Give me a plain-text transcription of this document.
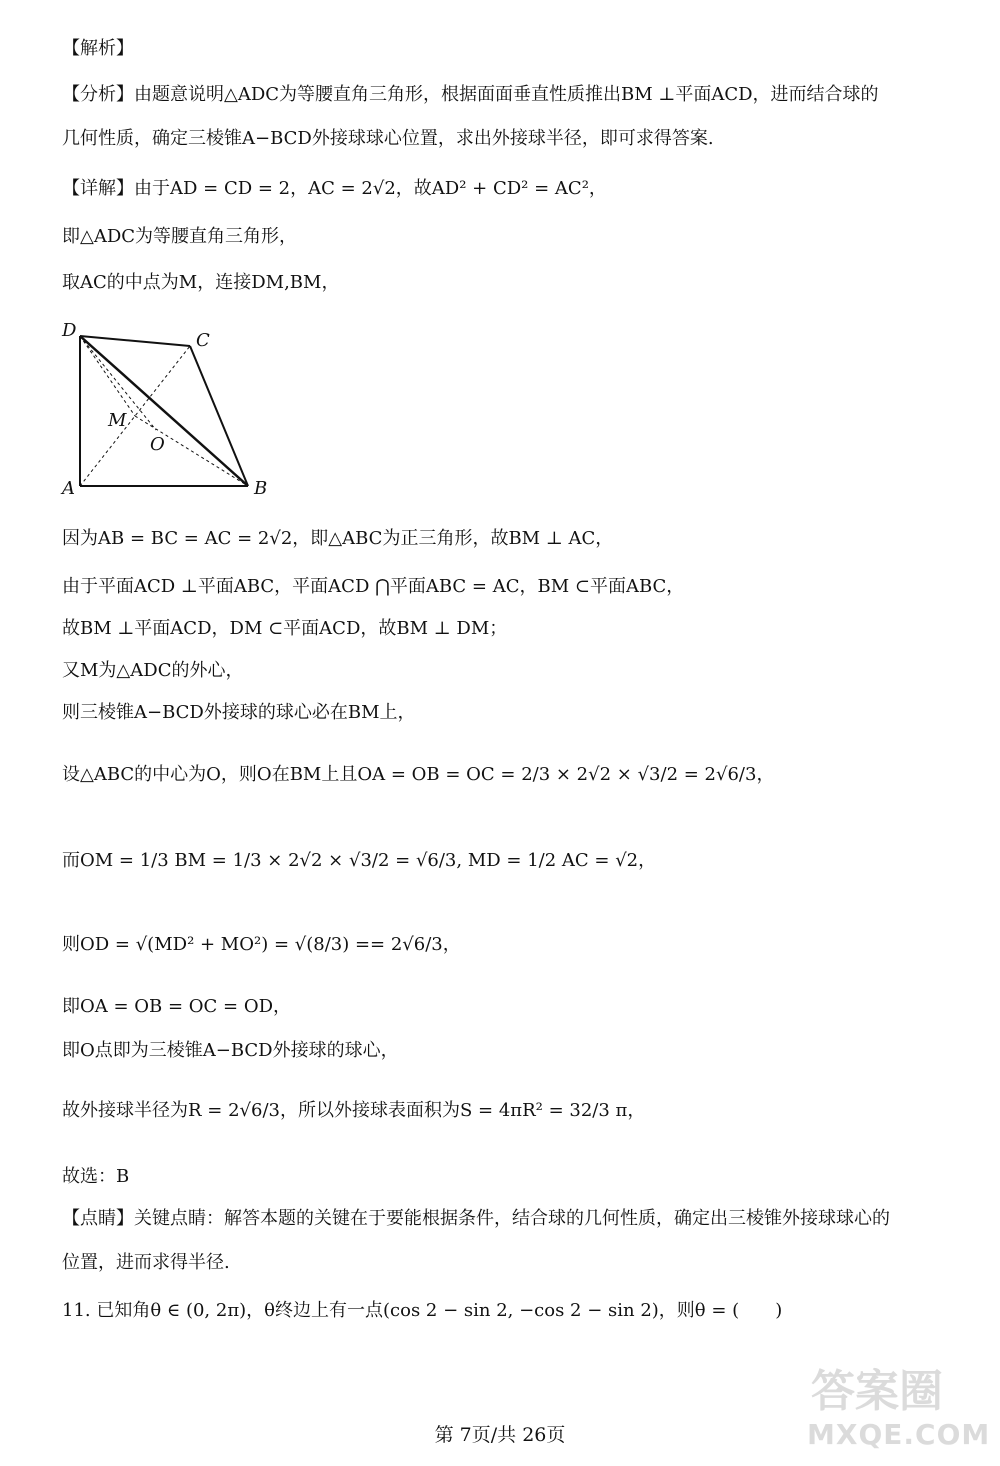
【解析】
【分析】由题意说明△ADC为等腰直角三角形，根据面面垂直性质推出BM ⊥平面ACD，进而结合球的
几何性质，确定三棱锥A−BCD外接球球心位置，求出外接球半径，即可求得答案.
【详解】由于AD = CD = 2，AC = 2√2，故AD² + CD² = AC²，
即△ADC为等腰直角三角形，
取AC的中点为M，连接DM,BM，
D	C
M
O
A	B
因为AB = BC = AC = 2√2，即△ABC为正三角形，故BM ⊥ AC，
由于平面ACD ⊥平面ABC，平面ACD ⋂平面ABC = AC，BM ⊂平面ABC，
故BM ⊥平面ACD，DM ⊂平面ACD，故BM ⊥ DM；
又M为△ADC的外心，
则三棱锥A−BCD外接球的球心必在BM上，
设△ABC的中心为O，则O在BM上且OA = OB = OC = 2/3 × 2√2 × √3/2 = 2√6/3，
而OM = 1/3 BM = 1/3 × 2√2 × √3/2 = √6/3, MD = 1/2 AC = √2，
则OD = √(MD² + MO²) = √(8/3) == 2√6/3，
即OA = OB = OC = OD，
即O点即为三棱锥A−BCD外接球的球心，
故外接球半径为R = 2√6/3，所以外接球表面积为S = 4πR² = 32/3 π，
故选：B
【点睛】关键点睛：解答本题的关键在于要能根据条件，结合球的几何性质，确定出三棱锥外接球球心的
位置，进而求得半径.
11. 已知角θ ∈ (0, 2π)，θ终边上有一点(cos 2 − sin 2, −cos 2 − sin 2)，则θ = (　　)
答案圈
MXQE.COM
第 7页/共 26页
